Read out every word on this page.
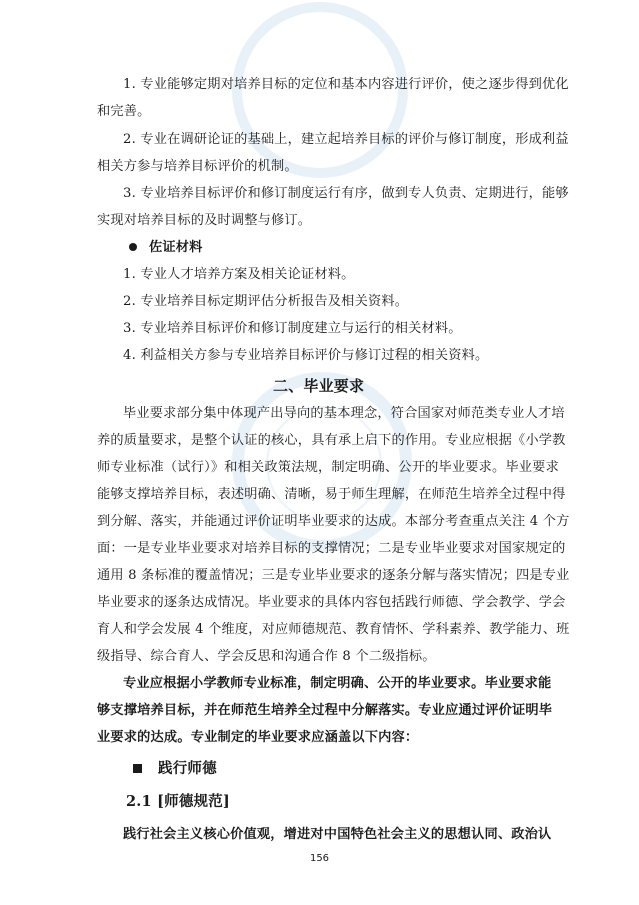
1. 专业能够定期对培养目标的定位和基本内容进行评价，使之逐步得到优化
和完善。
2. 专业在调研论证的基础上，建立起培养目标的评价与修订制度，形成利益
相关方参与培养目标评价的机制。
3. 专业培养目标评价和修订制度运行有序，做到专人负责、定期进行，能够
实现对培养目标的及时调整与修订。
佐证材料
1. 专业人才培养方案及相关论证材料。
2. 专业培养目标定期评估分析报告及相关资料。
3. 专业培养目标评价和修订制度建立与运行的相关材料。
4. 利益相关方参与专业培养目标评价与修订过程的相关资料。
二、毕业要求
毕业要求部分集中体现产出导向的基本理念，符合国家对师范类专业人才培
养的质量要求，是整个认证的核心，具有承上启下的作用。专业应根据《小学教
师专业标准（试行）》和相关政策法规，制定明确、公开的毕业要求。毕业要求
能够支撑培养目标，表述明确、清晰，易于师生理解，在师范生培养全过程中得
到分解、落实，并能通过评价证明毕业要求的达成。本部分考查重点关注 4 个方
面：一是专业毕业要求对培养目标的支撑情况；二是专业毕业要求对国家规定的
通用 8 条标准的覆盖情况；三是专业毕业要求的逐条分解与落实情况；四是专业
毕业要求的逐条达成情况。毕业要求的具体内容包括践行师德、学会教学、学会
育人和学会发展 4 个维度，对应师德规范、教育情怀、学科素养、教学能力、班
级指导、综合育人、学会反思和沟通合作 8 个二级指标。
专业应根据小学教师专业标准，制定明确、公开的毕业要求。毕业要求能
够支撑培养目标，并在师范生培养全过程中分解落实。专业应通过评价证明毕
业要求的达成。专业制定的毕业要求应涵盖以下内容：
践行师德
2.1 [师德规范]
践行社会主义核心价值观，增进对中国特色社会主义的思想认同、政治认
156
